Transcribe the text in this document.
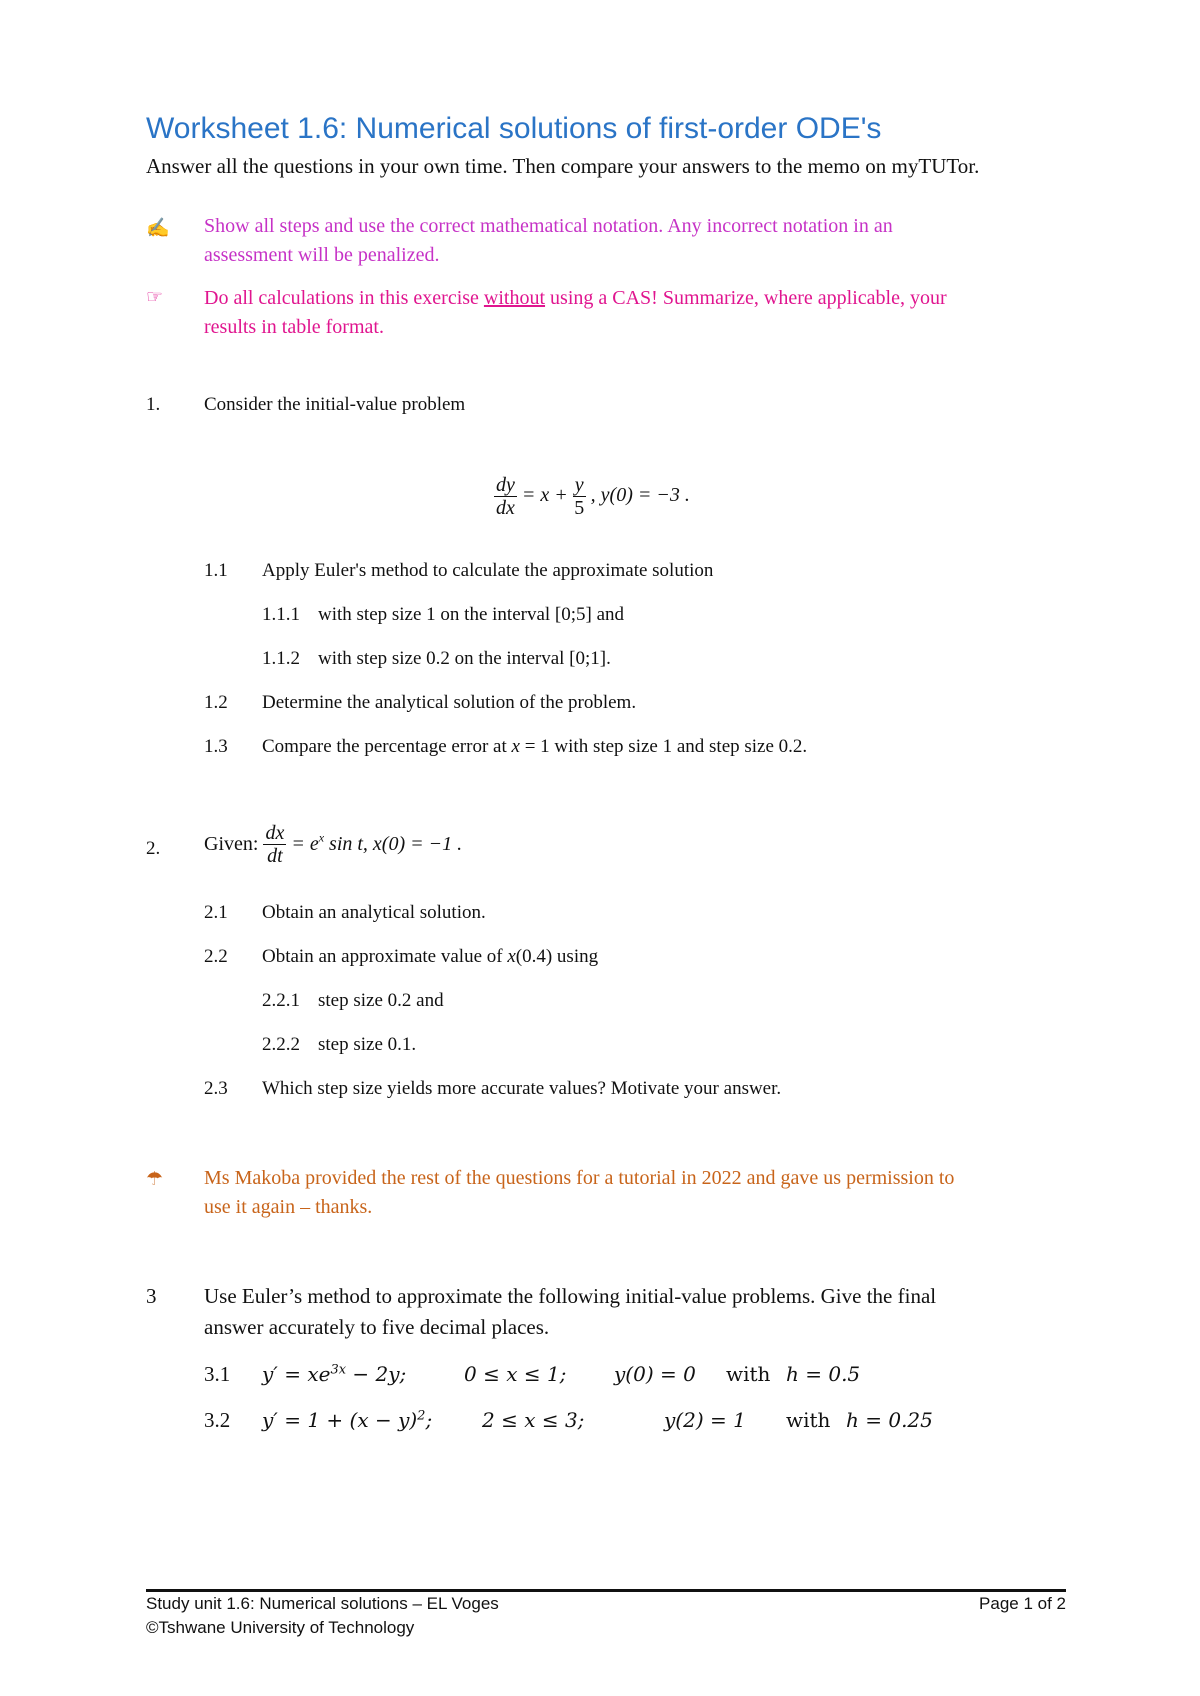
Worksheet 1.6: Numerical solutions of first-order ODE's
Answer all the questions in your own time. Then compare your answers to the memo on myTUTor.
✍ Show all steps and use the correct mathematical notation. Any incorrect notation in an
assessment will be penalized.
☞ Do all calculations in this exercise without using a CAS! Summarize, where applicable, your
results in table format.
1. Consider the initial-value problem
$\frac{dy}{dx} = x + \frac{y}{5}$ , y(0) = −3 .
1.1 Apply Euler's method to calculate the approximate solution
1.1.1 with step size 1 on the interval [0;5] and
1.1.2 with step size 0.2 on the interval [0;1].
1.2 Determine the analytical solution of the problem.
1.3 Compare the percentage error at x = 1 with step size 1 and step size 0.2.
2. Given: $\frac{dx}{dt} = e^x$ sin t, x(0) = −1 .
2.1 Obtain an analytical solution.
2.2 Obtain an approximate value of x(0.4) using
2.2.1 step size 0.2 and
2.2.2 step size 0.1.
2.3 Which step size yields more accurate values? Motivate your answer.
☂ Ms Makoba provided the rest of the questions for a tutorial in 2022 and gave us permission to
use it again – thanks.
3 Use Euler’s method to approximate the following initial-value problems. Give the final
answer accurately to five decimal places.
3.1 $y' = xe^{3x} - 2y$;	0 ≤ x ≤ 1; y(0) = 0 with h = 0.5
3.2 $y' = 1 + (x - y)^2$; 2 ≤ x ≤ 3;	y(2) = 1 with h = 0.25
Study unit 1.6: Numerical solutions – EL Voges
©Tshwane University of Technology
Page 1 of 2
